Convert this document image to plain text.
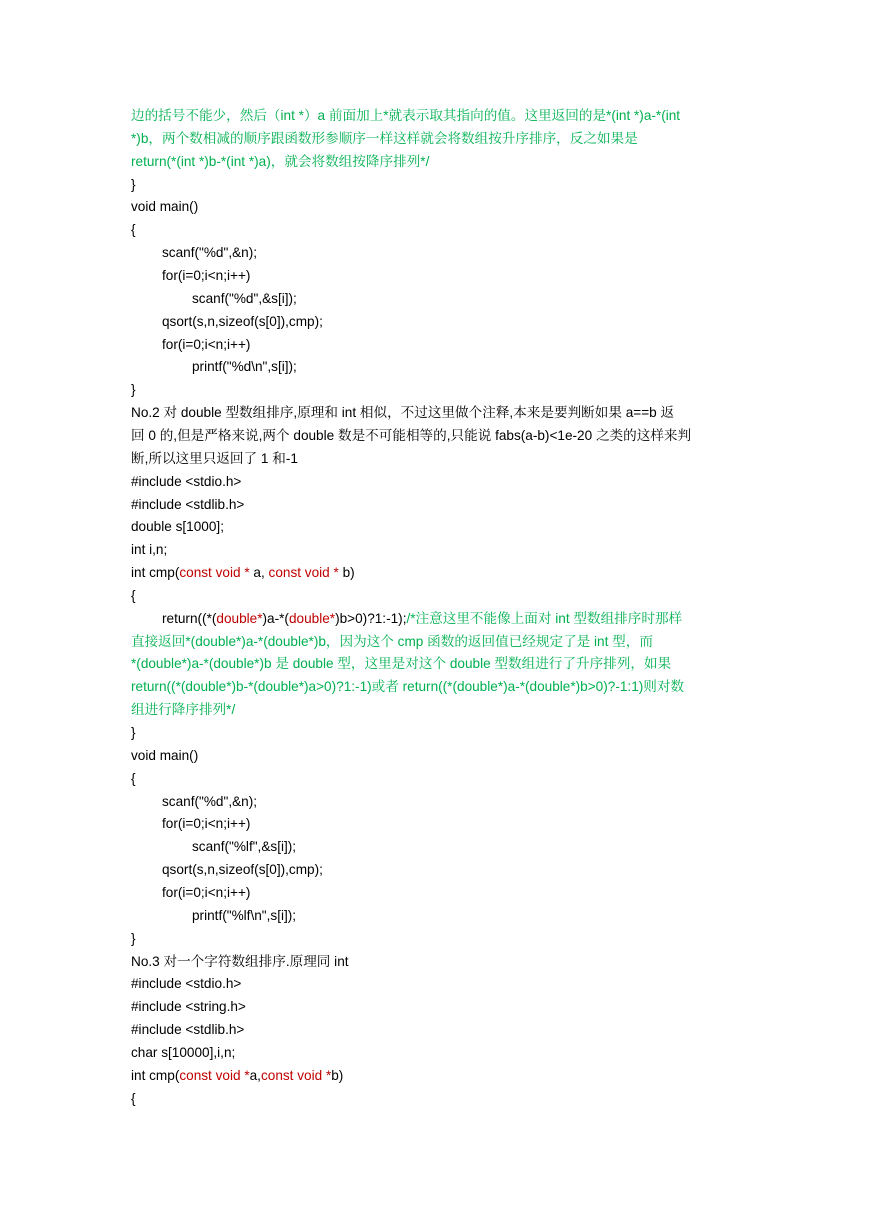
边的括号不能少，然后（int *）a 前面加上*就表示取其指向的值。这里返回的是*(int *)a-*(int
*)b，两个数相减的顺序跟函数形参顺序一样这样就会将数组按升序排序，反之如果是
return(*(int *)b-*(int *)a)，就会将数组按降序排列*/
}
void main()
{
scanf("%d",&n);
for(i=0;i<n;i++)
scanf("%d",&s[i]);
qsort(s,n,sizeof(s[0]),cmp);
for(i=0;i<n;i++)
printf("%d\n",s[i]);
}
No.2 对 double 型数组排序,原理和 int 相似，不过这里做个注释,本来是要判断如果 a==b 返
回 0 的,但是严格来说,两个 double 数是不可能相等的,只能说 fabs(a-b)<1e-20 之类的这样来判
断,所以这里只返回了 1 和-1
#include <stdio.h>
#include <stdlib.h>
double s[1000];
int i,n;
int cmp(const void * a, const void * b)
{
return((*(double*)a-*(double*)b>0)?1:-1);/*注意这里不能像上面对 int 型数组排序时那样
直接返回*(double*)a-*(double*)b，因为这个 cmp 函数的返回值已经规定了是 int 型，而
*(double*)a-*(double*)b 是 double 型，这里是对这个 double 型数组进行了升序排列，如果
return((*(double*)b-*(double*)a>0)?1:-1)或者 return((*(double*)a-*(double*)b>0)?-1:1)则对数
组进行降序排列*/
}
void main()
{
scanf("%d",&n);
for(i=0;i<n;i++)
scanf("%lf",&s[i]);
qsort(s,n,sizeof(s[0]),cmp);
for(i=0;i<n;i++)
printf("%lf\n",s[i]);
}
No.3 对一个字符数组排序.原理同 int
#include <stdio.h>
#include <string.h>
#include <stdlib.h>
char s[10000],i,n;
int cmp(const void *a,const void *b)
{
